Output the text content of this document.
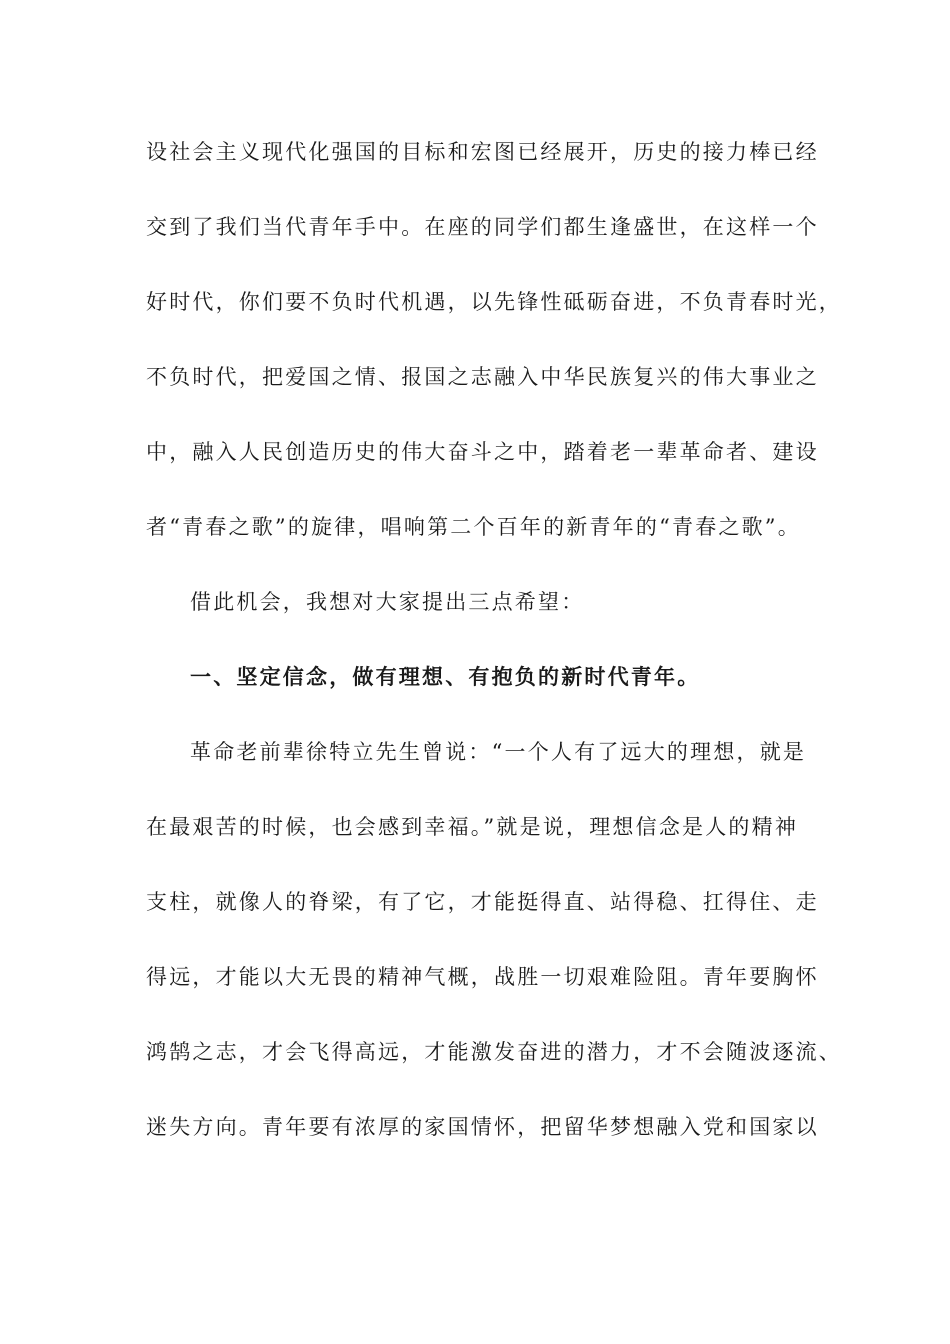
设社会主义现代化强国的目标和宏图已经展开，历史的接力棒已经
交到了我们当代青年手中。在座的同学们都生逢盛世，在这样一个
好时代，你们要不负时代机遇，以先锋性砥砺奋进，不负青春时光，
不负时代，把爱国之情、报国之志融入中华民族复兴的伟大事业之
中，融入人民创造历史的伟大奋斗之中，踏着老一辈革命者、建设
者“青春之歌”的旋律，唱响第二个百年的新青年的“青春之歌”。
借此机会，我想对大家提出三点希望：
一、坚定信念，做有理想、有抱负的新时代青年。
革命老前辈徐特立先生曾说：“一个人有了远大的理想，就是
在最艰苦的时候，也会感到幸福。”就是说，理想信念是人的精神
支柱，就像人的脊梁，有了它，才能挺得直、站得稳、扛得住、走
得远，才能以大无畏的精神气概，战胜一切艰难险阻。青年要胸怀
鸿鹄之志，才会飞得高远，才能激发奋进的潜力，才不会随波逐流、
迷失方向。青年要有浓厚的家国情怀，把留华梦想融入党和国家以
